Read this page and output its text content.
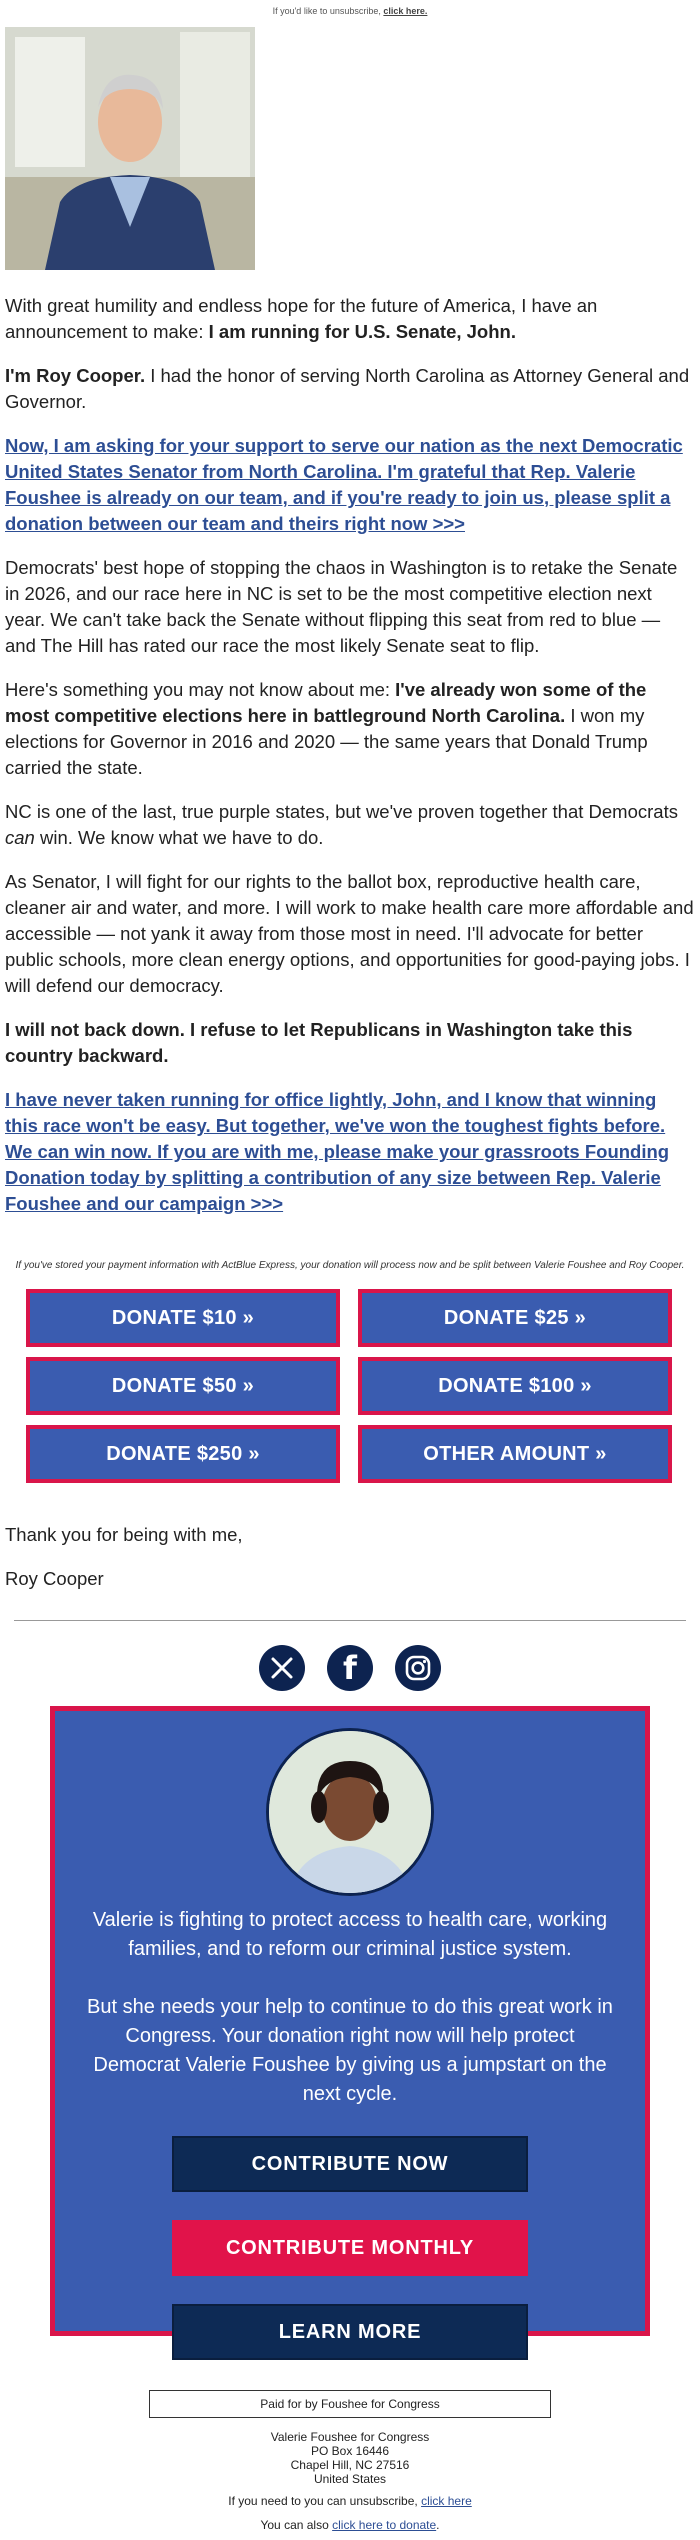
If you'd like to unsubscribe, click here.

With great humility and endless hope for the future of America, I have an announcement to make: I am running for U.S. Senate, John.

I'm Roy Cooper. I had the honor of serving North Carolina as Attorney General and Governor.

Now, I am asking for your support to serve our nation as the next Democratic United States Senator from North Carolina. I'm grateful that Rep. Valerie Foushee is already on our team, and if you're ready to join us, please split a donation between our team and theirs right now >>>

Democrats' best hope of stopping the chaos in Washington is to retake the Senate in 2026, and our race here in NC is set to be the most competitive election next year. We can't take back the Senate without flipping this seat from red to blue — and The Hill has rated our race the most likely Senate seat to flip.

Here's something you may not know about me: I've already won some of the most competitive elections here in battleground North Carolina. I won my elections for Governor in 2016 and 2020 — the same years that Donald Trump carried the state.

NC is one of the last, true purple states, but we've proven together that Democrats can win. We know what we have to do.

As Senator, I will fight for our rights to the ballot box, reproductive health care, cleaner air and water, and more. I will work to make health care more affordable and accessible — not yank it away from those most in need. I'll advocate for better public schools, more clean energy options, and opportunities for good-paying jobs. I will defend our democracy.

I will not back down. I refuse to let Republicans in Washington take this country backward.

I have never taken running for office lightly, John, and I know that winning this race won't be easy. But together, we've won the toughest fights before. We can win now. If you are with me, please make your grassroots Founding Donation today by splitting a contribution of any size between Rep. Valerie Foushee and our campaign >>>

If you've stored your payment information with ActBlue Express, your donation will process now and be split between Valerie Foushee and Roy Cooper.
DONATE $10 »	DONATE $25 »
DONATE $50 »	DONATE $100 »
DONATE $250 »	OTHER AMOUNT »

Thank you for being with me,

Roy Cooper

f

Valerie is fighting to protect access to health care, working families, and to reform our criminal justice system.

But she needs your help to continue to do this great work in Congress. Your donation right now will help protect Democrat Valerie Foushee by giving us a jumpstart on the next cycle.

CONTRIBUTE NOW
CONTRIBUTE MONTHLY
LEARN MORE
Paid for by Foushee for Congress
Valerie Foushee for Congress
PO Box 16446
Chapel Hill, NC 27516
United States
If you need to you can unsubscribe, click here
You can also click here to donate.
